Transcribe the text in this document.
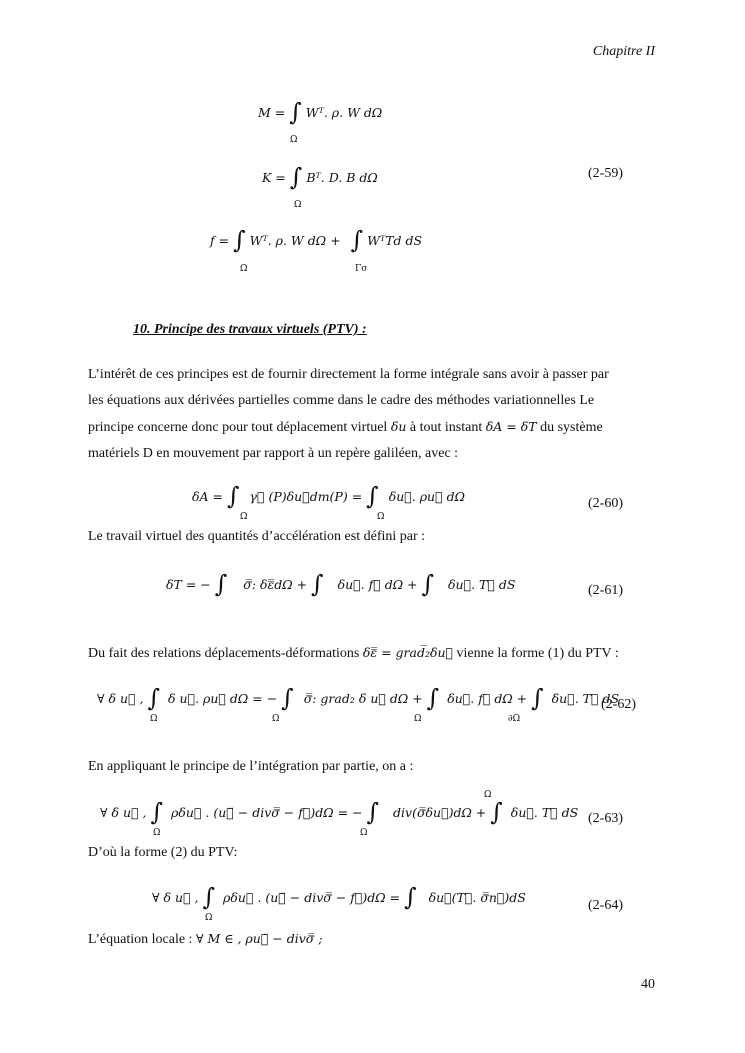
Chapitre II
M = ∫ Wᵀ. ρ. W dΩ
Ω
K = ∫ Bᵀ. D. B dΩ
Ω
(2-59)
f = ∫ Wᵀ. ρ. W dΩ + ∫ WᵀTd dS
Ω	Γσ
10. Principe des travaux virtuels (PTV) :
L’intérêt de ces principes est de fournir directement la forme intégrale sans avoir à passer par
les équations aux dérivées partielles comme dans le cadre des méthodes variationnelles Le
principe concerne donc pour tout déplacement virtuel δu à tout instant δA = δT du système
matériels D en mouvement par rapport à un repère galiléen, avec :
δA = ∫ γ⃗ (P)δu⃗dm(P) = ∫ δu⃗. ρu⃗ dΩ
Ω	Ω
(2-60)
Le travail virtuel des quantités d’accélération est défini par :
δT = − ∫ σ̿: δε̿dΩ + ∫ δu⃗. f⃗ dΩ + ∫ δu⃗. T⃗ dS	(2-61)
Du fait des relations déplacements-déformations δε̿ = grad̅̅₂δu⃗ vienne la forme (1) du PTV :
∀ δ u⃗ , ∫ δ u⃗. ρu⃗ dΩ = − ∫ σ̿: grad₂ δ u⃗ dΩ + ∫ δu⃗. f⃗ dΩ + ∫ δu⃗. T⃗ dS
Ω	Ω	Ω	∂Ω
(2-62)
En appliquant le principe de l’intégration par partie, on a :
∀ δ u⃗ , ∫ ρδu⃗ . (u⃗̈ − divσ̿ − f⃗)dΩ = − ∫ div(σ̿δu⃗)dΩ + ∫ δu⃗. T⃗ dS
Ω
Ω	Ω
(2-63)
D’où la forme (2) du PTV:
∀ δ u⃗ , ∫ ρδu⃗ . (u⃗̈ − divσ̿ − f⃗)dΩ = ∫ δu⃗(T⃗. σ̿n⃗)dS
Ω
(2-64)
L’équation locale : ∀ M ∈ , ρu⃗̈ − divσ̿ ;
40
